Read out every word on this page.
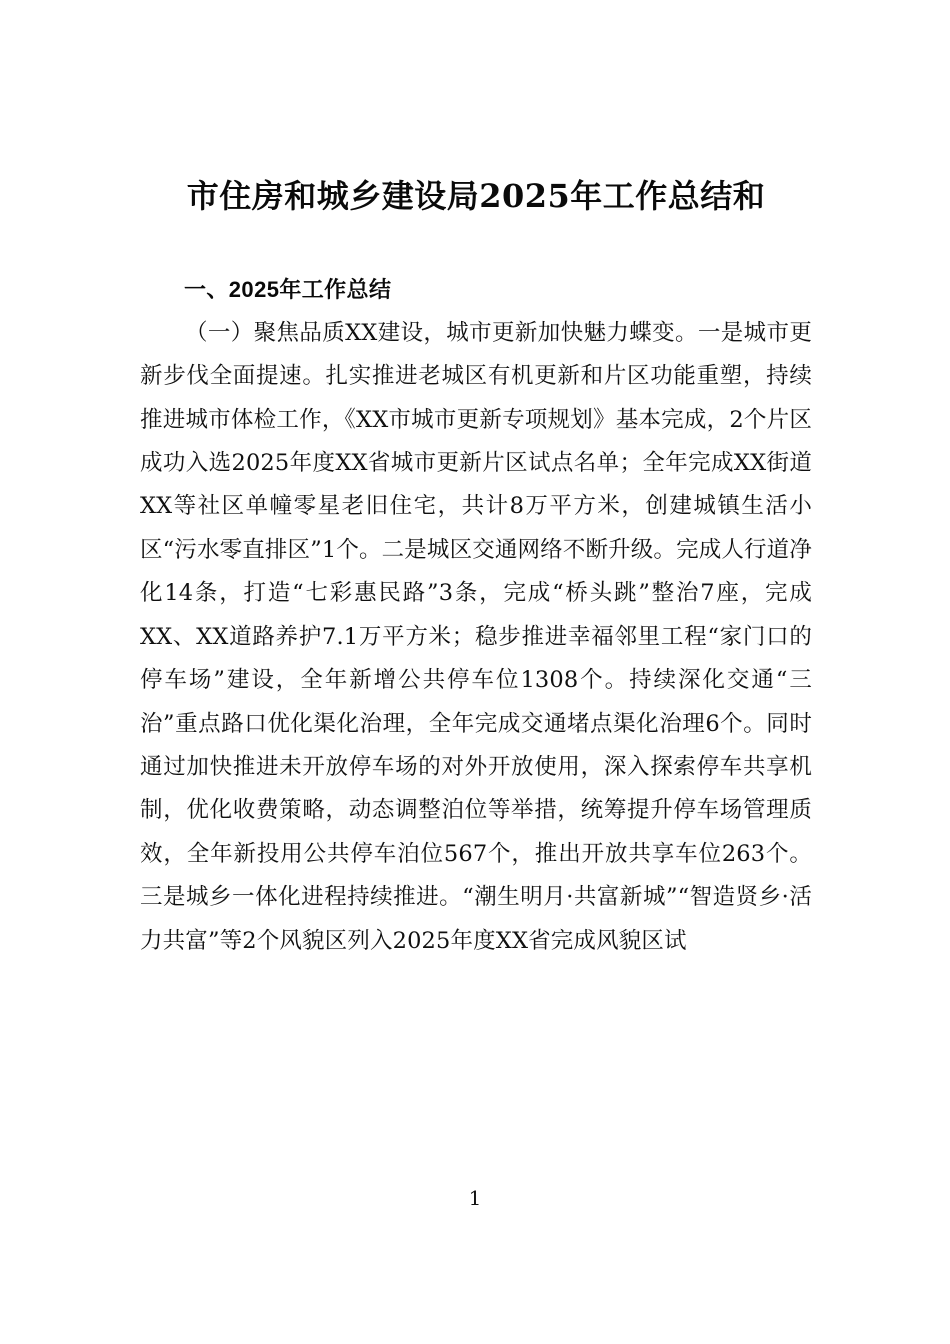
市住房和城乡建设局2025年工作总结和
一、2025年工作总结

（一）聚焦品质XX建设，城市更新加快魅力蝶变。一是城市更新步伐全面提速。扎实推进老城区有机更新和片区功能重塑，持续推进城市体检工作，《XX市城市更新专项规划》基本完成，2个片区成功入选2025年度XX省城市更新片区试点名单；全年完成XX街道XX等社区单幢零星老旧住宅，共计8万平方米，创建城镇生活小区“污水零直排区”1个。二是城区交通网络不断升级。完成人行道净化14条，打造“七彩惠民路”3条，完成“桥头跳”整治7座，完成XX、XX道路养护7.1万平方米；稳步推进幸福邻里工程“家门口的停车场”建设，全年新增公共停车位1308个。持续深化交通“三治”重点路口优化渠化治理，全年完成交通堵点渠化治理6个。同时通过加快推进未开放停车场的对外开放使用，深入探索停车共享机制，优化收费策略，动态调整泊位等举措，统筹提升停车场管理质效，全年新投用公共停车泊位567个，推出开放共享车位263个。三是城乡一体化进程持续推进。“潮生明月·共富新城”“智造贤乡·活力共富”等2个风貌区列入2025年度XX省完成风貌区试

1
